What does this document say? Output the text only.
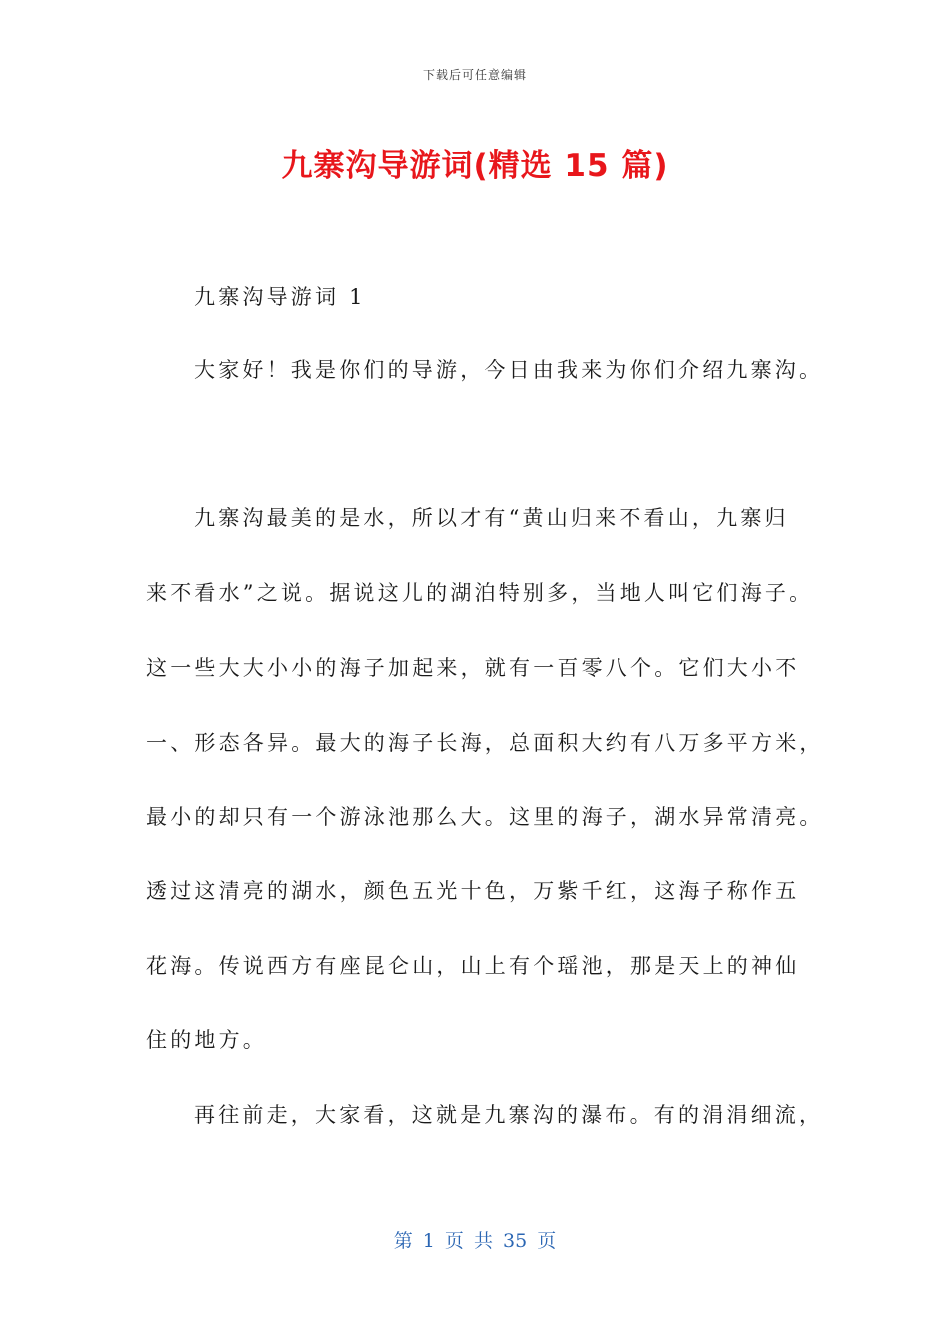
下载后可任意编辑
九寨沟导游词(精选 15 篇)
九寨沟导游词 1
大家好！我是你们的导游，今日由我来为你们介绍九寨沟。
九寨沟最美的是水，所以才有“黄山归来不看山，九寨归
来不看水”之说。据说这儿的湖泊特别多，当地人叫它们海子。
这一些大大小小的海子加起来，就有一百零八个。它们大小不
一、形态各异。最大的海子长海，总面积大约有八万多平方米，
最小的却只有一个游泳池那么大。这里的海子，湖水异常清亮。
透过这清亮的湖水，颜色五光十色，万紫千红，这海子称作五
花海。传说西方有座昆仑山，山上有个瑶池，那是天上的神仙
住的地方。
再往前走，大家看，这就是九寨沟的瀑布。有的涓涓细流，
第 1 页 共 35 页
